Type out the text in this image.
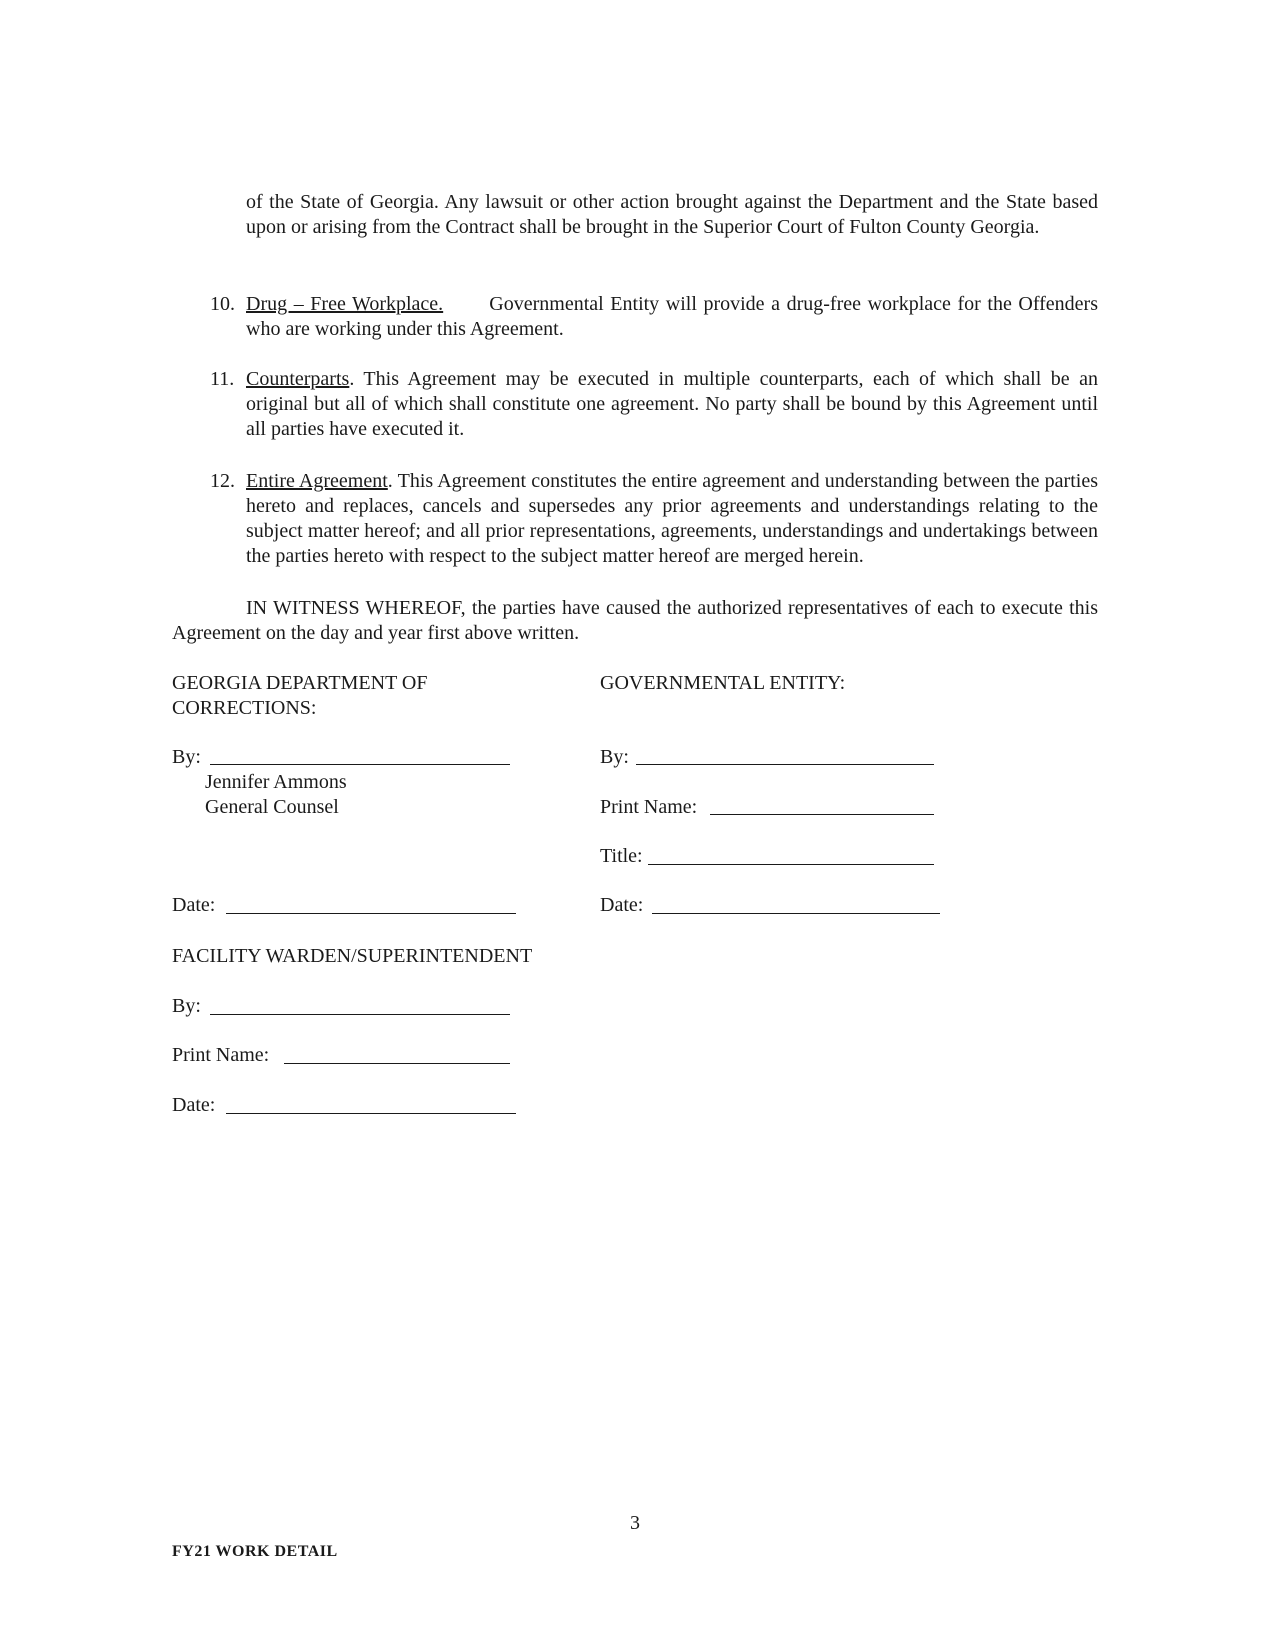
of the State of Georgia. Any lawsuit or other action brought against the Department and the State based upon or arising from the Contract shall be brought in the Superior Court of Fulton County Georgia.

10. Drug – Free Workplace. Governmental Entity will provide a drug-free workplace for the Offenders who are working under this Agreement.

11. Counterparts. This Agreement may be executed in multiple counterparts, each of which shall be an original but all of which shall constitute one agreement. No party shall be bound by this Agreement until all parties have executed it.

12. Entire Agreement. This Agreement constitutes the entire agreement and understanding between the parties hereto and replaces, cancels and supersedes any prior agreements and understandings relating to the subject matter hereof; and all prior representations, agreements, understandings and undertakings between the parties hereto with respect to the subject matter hereof are merged herein.

IN WITNESS WHEREOF, the parties have caused the authorized representatives of each to execute this Agreement on the day and year first above written.

GEORGIA DEPARTMENT OF
CORRECTIONS:
By:
Jennifer Ammons
General Counsel
Date:
GOVERNMENTAL ENTITY:
By:
Print Name:
Title:
Date:
FACILITY WARDEN/SUPERINTENDENT
By:
Print Name:
Date:
3
FY21 WORK DETAIL
